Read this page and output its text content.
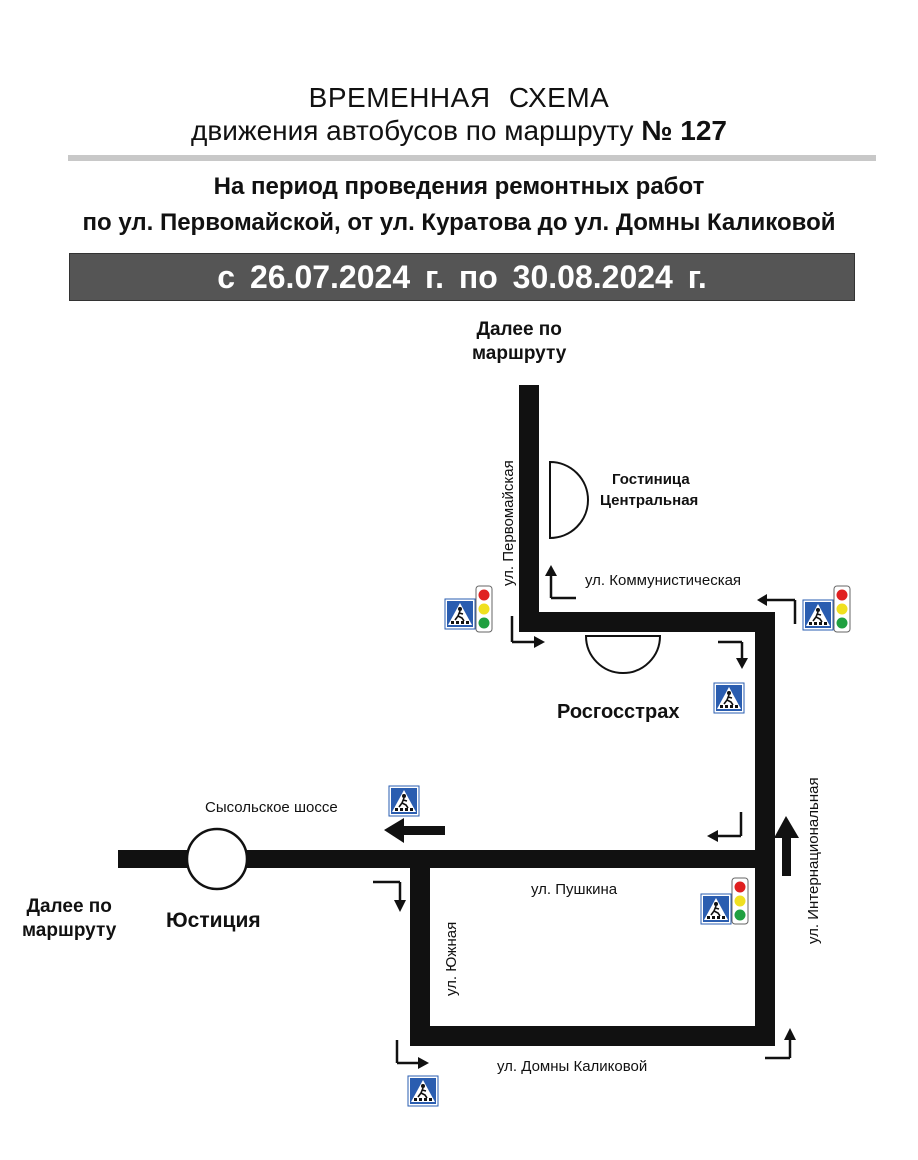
ВРЕМЕННАЯ СХЕМА
движения автобусов по маршруту № 127
На период проведения ремонтных работ
по ул. Первомайской, от ул. Куратова до ул. Домны Каликовой
с 26.07.2024 г. по 30.08.2024 г.
ул. Первомайская
ул. Интернациональная
ул. Южная
Далее по
маршруту
Гостиница
Центральная
ул. Коммунистическая
Росгосстрах
Сысольское шоссе
ул. Пушкина
Далее по
маршруту Юстиция
ул. Домны Каликовой
